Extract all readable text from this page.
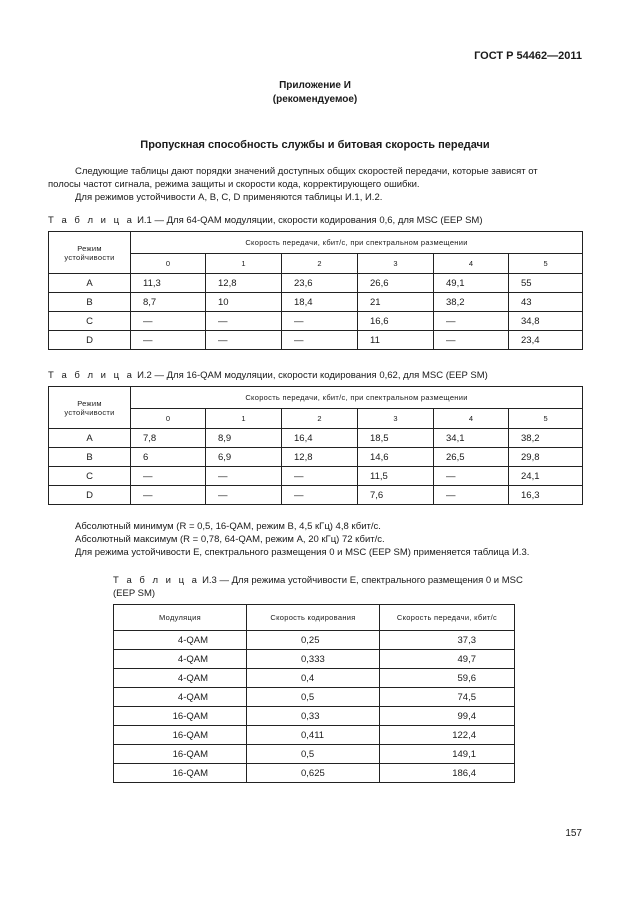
ГОСТ Р 54462—2011
Приложение И
(рекомендуемое)
Пропускная способность службы и битовая скорость передачи
Следующие таблицы дают порядки значений доступных общих скоростей передачи, которые зависят от
полосы частот сигнала, режима защиты и скорости кода, корректирующего ошибки.
Для режимов устойчивости A, B, C, D применяются таблицы И.1, И.2.
Т а б л и ц а И.1 — Для 64-QAM модуляции, скорости кодирования 0,6, для MSC (EEP SM)
Режим
устойчивости	Скорость передачи, кбит/с, при спектральном размещении					
	0	1	2	3	4	5
A	11,3	12,8	23,6	26,6	49,1	55
B	8,7	10	18,4	21	38,2	43
C	—	—	—	16,6	—	34,8
D	—	—	—	11	—	23,4
Т а б л и ц а И.2 — Для 16-QAM модуляции, скорости кодирования 0,62, для MSC (EEP SM)
Режим
устойчивости	Скорость передачи, кбит/с, при спектральном размещении					
	0	1	2	3	4	5
A	7,8	8,9	16,4	18,5	34,1	38,2
B	6	6,9	12,8	14,6	26,5	29,8
C	—	—	—	11,5	—	24,1
D	—	—	—	7,6	—	16,3
Абсолютный минимум (R = 0,5, 16-QAM, режим B, 4,5 кГц) 4,8 кбит/с.
Абсолютный максимум (R = 0,78, 64-QAM, режим A, 20 кГц) 72 кбит/с.
Для режима устойчивости E, спектрального размещения 0 и MSC (EEP SM) применяется таблица И.3.
Т а б л и ц а И.3 — Для режима устойчивости E, спектрального размещения 0 и MSC
(EEP SM)
Модуляция	Скорость кодирования	Скорость передачи, кбит/с
4-QAM	0,25	37,3
4-QAM	0,333	49,7
4-QAM	0,4	59,6
4-QAM	0,5	74,5
16-QAM	0,33	99,4
16-QAM	0,411	122,4
16-QAM	0,5	149,1
16-QAM	0,625	186,4
157
